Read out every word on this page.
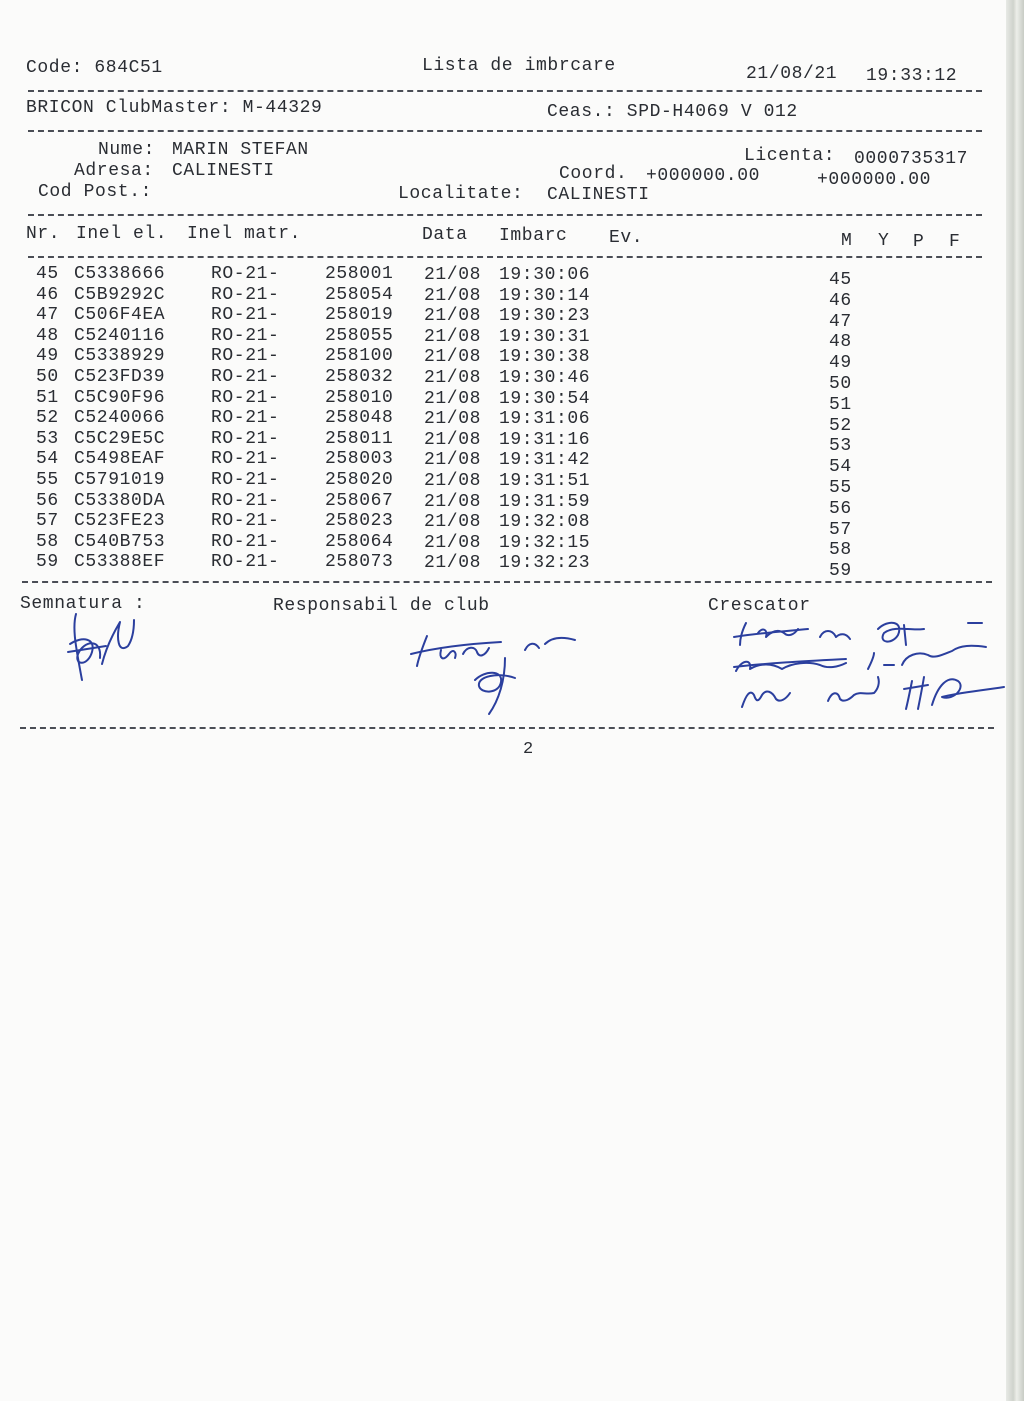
Code: 684C51	Lista de imbrcare	21/08/21 19:33:12
BRICON ClubMaster: M-44329	Ceas.: SPD-H4069 V 012
Nume: MARIN STEFAN	Licenta: 0000735317
Adresa: CALINESTI	Coord. +000000.00	+000000.00
Cod Post.:	Localitate: CALINESTI
Nr. Inel el. Inel matr.	Data Imbarc Ev.	M Y P F
45 C5338666	RO-21-	258001 21/08 19:30:06	45
46 C5B9292C	RO-21-	258054 21/08 19:30:14	46
47 C506F4EA	RO-21-	258019 21/08 19:30:23	47
48 C5240116	RO-21-	258055 21/08 19:30:31	48
49 C5338929	RO-21-	258100 21/08 19:30:38	49
50 C523FD39	RO-21-	258032 21/08 19:30:46	50
51 C5C90F96	RO-21-	258010 21/08 19:30:54	51
52 C5240066	RO-21-	258048 21/08 19:31:06	52
53 C5C29E5C	RO-21-	258011 21/08 19:31:16	53
54 C5498EAF	RO-21-	258003 21/08 19:31:42	54
55 C5791019	RO-21-	258020 21/08 19:31:51	55
56 C53380DA	RO-21-	258067 21/08 19:31:59	56
57 C523FE23	RO-21-	258023 21/08 19:32:08	57
58 C540B753	RO-21-	258064 21/08 19:32:15	58
59 C53388EF	RO-21-	258073 21/08 19:32:23	59
Semnatura :	Responsabil de club	Crescator
2
